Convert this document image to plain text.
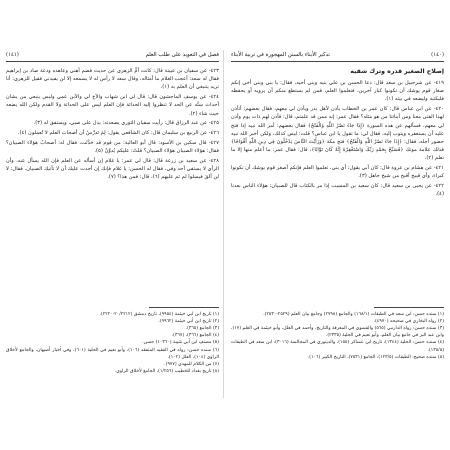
فصل في التعويذ على طلب العلم
(١٤١)

٤٢٣- عن سفيان بن عيينة قال: كانت أمُّ الزهري عن حديث فضم أهني وعاهده ودعة صاد بن إبراهيم فقال له سعد: أعجب الغلام ما أمثاله، وقال سعد لا رأس له لا يسمعه إلا لن يفيدني فقيل للزهري: أنا تريد يتنبغي أن العلم به (١).

٤٢٤- عن يوسف الماجشون قال: قال لي ابن شهاب والأخ لي والأبن عمي وليس ينبعي من يشان أحداث سنَّه عن الحد لا تنظروا إليه الحداثة فإن العلم ليس على الحداثة ولا القدم ولكن الله يضعه حيث شاء (٢).

٤٢٥- عن عبد الرزاق قال: رأيت سفيان الثوري يصعدته: يدل على صبي، ويستفق له (٣).

٤٢٦- عن الربيع بن سليمان قال: كان الشافعي يقول: لِمَ تَدرَّسُ أن أصحابَ العلم لا تُعملون (٤).

٤٢٧- قال سكين بن الأسود: قال أبو العالية: من قوم قد حَدَّثَت، فقال له: أصحابُ هؤلاء الصبيان؟ فقال: هؤلاء الصبيان هؤلاء الصبيان؟ قلتُ: عليكم يُدوِّنُ (٥).

٤٢٨- عن سعيد بن زرعة قال: قال لي عمر: يا غلام إن أسأله عن العلم فإن الله يسأل عنه، وأن الرأي لا يستفي أحد وفي، فقال له الحسن: يا غلام فإنك إن أحدت عليك أن لا تأتيك الصبيان. فقال: لا لن ألقَ فيسلوا لم ثم عليهم (٦)، قال: فمن هذا؟ (٧).

(١) تاريخ ابن أبي خيثمة (٩٩٥٤)، تاريخ دمشق (٢٠/٢٢١٢-٢٢٢٠).

(٢) تاريخ ابن أبي خيثمة (٩٩٦٢).

(٣) الجامع (٣٦٥).

(٤) الجامع (٣٦٦)، (٣٦٧).

(٥) مصنف ابن أبي شيبة (١٠٣٦٠) حسن.

(٦) سنده حسن: رواه في الفقيه المتفقه (١٠٦)، وأبو نعيم في الحلية (٦٠١)، وفي أخبار أصبهان، والجامع لأخلاق الراوي (١٠٤)، العلل (١٠٢).

(٧) من الكلام للمهدي (٩٧٧).

(٨) تاريخ بغداد للخطيب (١/٢٥٦)، الجامع لأخلاق الراوي.

(١٤٠)
تذكير الأبناء بالسنن المهجورة في تربية الأبناء
إصلاح الصغير قدره وترك شقيه

٤١٩- عن شرحبيل بن سعد قال: دعا الحسن بن علي بنيه وبني أخيه، فقال: يا بني وبني أخي إنكم صغار قوم يوشك أن تكونوا كبار آخرين، فتعلموا العلم، فمن لم يستطع منكم أن يرويه أو يحفظه فليكتبه وليضعه في بيته (١).

٤٢٠- عن ابن عباس قال: كان عمر بن الخطاب يأذن لأهل بدر ويأذن لي معهم، فقال بعضهم: أتأذن لهذا الفتى معنا ومن أبنائنا من هو مثله؟ فقال عمر: إنه ممن قد علمتم، قال: فأذن لهم ذات يوم وأذن لي معهم، فسألهم عن هذه السورة ﴿إِذَا جَاءَ نَصْرُ اللَّهِ وَالْفَتْحُ﴾ فقال بعضهم: أمر الله نبيه إذا فتح عليه أن يستغفره ويتوب إليه، فقال لي: ما تقول يا ابن عباس؟ قلت: ليس كذلك، ولكن أخبر الله نبيه حضور أجله، فقال: ﴿إِذَا جَاءَ نَصْرُ اللَّهِ وَالْفَتْحُ﴾ فتح مكة ﴿وَرَأَيْتَ النَّاسَ يَدْخُلُونَ فِي دِينِ اللَّهِ أَفْوَاجًا﴾ فذلك علامة موتك ﴿فَسَبِّحْ بِحَمْدِ رَبِّكَ وَاسْتَغْفِرْهُ إِنَّهُ كَانَ تَوَّابًا﴾، قال: فقال عمر: ما أعلم منها إلا ما تعلم (٢).

٤٢١- عن هشام بن عروة قال: كان أبي يقول: أي بني، تعلموا العلم فإنكم أصغر قوم يوشك أن تكونوا كبراء، وأي قبيح أقبح من شيخ جاهل (٣).

٤٢٢- عن يحيى بن سعيد قال: كان سعيد بن المسيب إذا مر بالكتاب قال للصبيان: هؤلاء الناس بعدنا (٤).

(١) سنده حسن: ابن سعد في الطبقات (١٦٨/١) والجامع (٢٧٩٨) وجامع بيان العلم (٢٥٢٩-٢٥٣٠).

(٢) رواه البخاري في صحيحه (٤٩٧٠).

(٣) سنده حسن: رواه الدارمي (٥٦٥) والفسوي في المعرفة والتاريخ، وأحمد في العلل، وأبو خيثمة في العلم (١٧)، وابن عبد البر في جامع بيان العلم، وأبو نعيم في الحلية (٢٣٣٥).

(٤) سنده حسن: الحلية (١٣٤٤)، تاريخ ابن عساكر (١٥٥)، والدينوري في المجالسة (٣٠١٦)، ابن سعد في الطبقات (١٣٥/٥).

(٥) سنده صحيح: الطبقات (١٢٣/٥)، الجامع (٧٥٣١)، التاريخ الكبير (١٠٦).
